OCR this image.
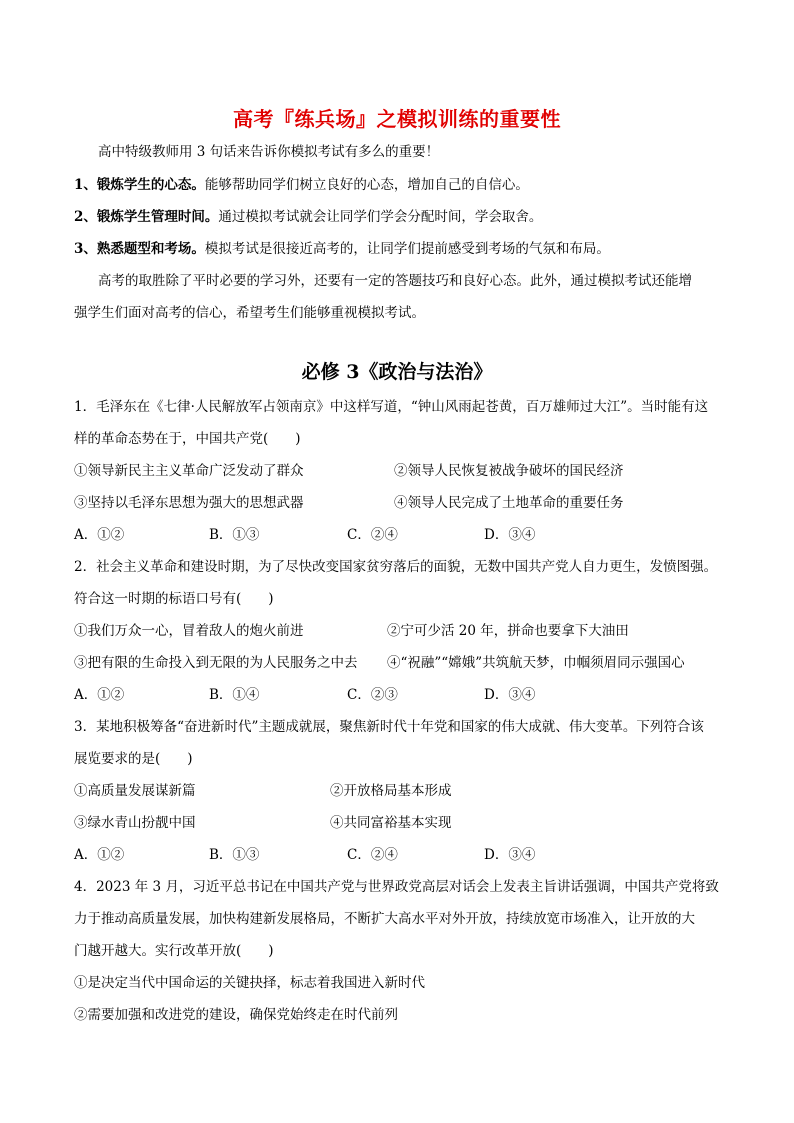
高考『练兵场』之模拟训练的重要性
高中特级教师用 3 句话来告诉你模拟考试有多么的重要！
1、锻炼学生的心态。能够帮助同学们树立良好的心态，增加自己的自信心。
2、锻炼学生管理时间。通过模拟考试就会让同学们学会分配时间，学会取舍。
3、熟悉题型和考场。模拟考试是很接近高考的，让同学们提前感受到考场的气氛和布局。
高考的取胜除了平时必要的学习外，还要有一定的答题技巧和良好心态。此外，通过模拟考试还能增
强学生们面对高考的信心，希望考生们能够重视模拟考试。
必修 3《政治与法治》
1．毛泽东在《七律·人民解放军占领南京》中这样写道，“钟山风雨起苍黄，百万雄师过大江”。当时能有这
样的革命态势在于，中国共产党(　　)
①领导新民主主义革命广泛发动了群众	②领导人民恢复被战争破坏的国民经济
③坚持以毛泽东思想为强大的思想武器	④领导人民完成了土地革命的重要任务
A．①②	B．①③	C．②④	D．③④
2．社会主义革命和建设时期，为了尽快改变国家贫穷落后的面貌，无数中国共产党人自力更生，发愤图强。
符合这一时期的标语口号有(　　)
①我们万众一心，冒着敌人的炮火前进	②宁可少活 20 年，拼命也要拿下大油田
③把有限的生命投入到无限的为人民服务之中去 ④“祝融”“嫦娥”共筑航天梦，巾帼须眉同示强国心
A．①②	B．①④	C．②③	D．③④
3．某地积极筹备“奋进新时代”主题成就展，聚焦新时代十年党和国家的伟大成就、伟大变革。下列符合该
展览要求的是(　　)
①高质量发展谋新篇	②开放格局基本形成
③绿水青山扮靓中国	④共同富裕基本实现
A．①②	B．①③	C．②④	D．③④
4．2023 年 3 月，习近平总书记在中国共产党与世界政党高层对话会上发表主旨讲话强调，中国共产党将致
力于推动高质量发展，加快构建新发展格局，不断扩大高水平对外开放，持续放宽市场准入，让开放的大
门越开越大。实行改革开放(　　)
①是决定当代中国命运的关键抉择，标志着我国进入新时代
②需要加强和改进党的建设，确保党始终走在时代前列
